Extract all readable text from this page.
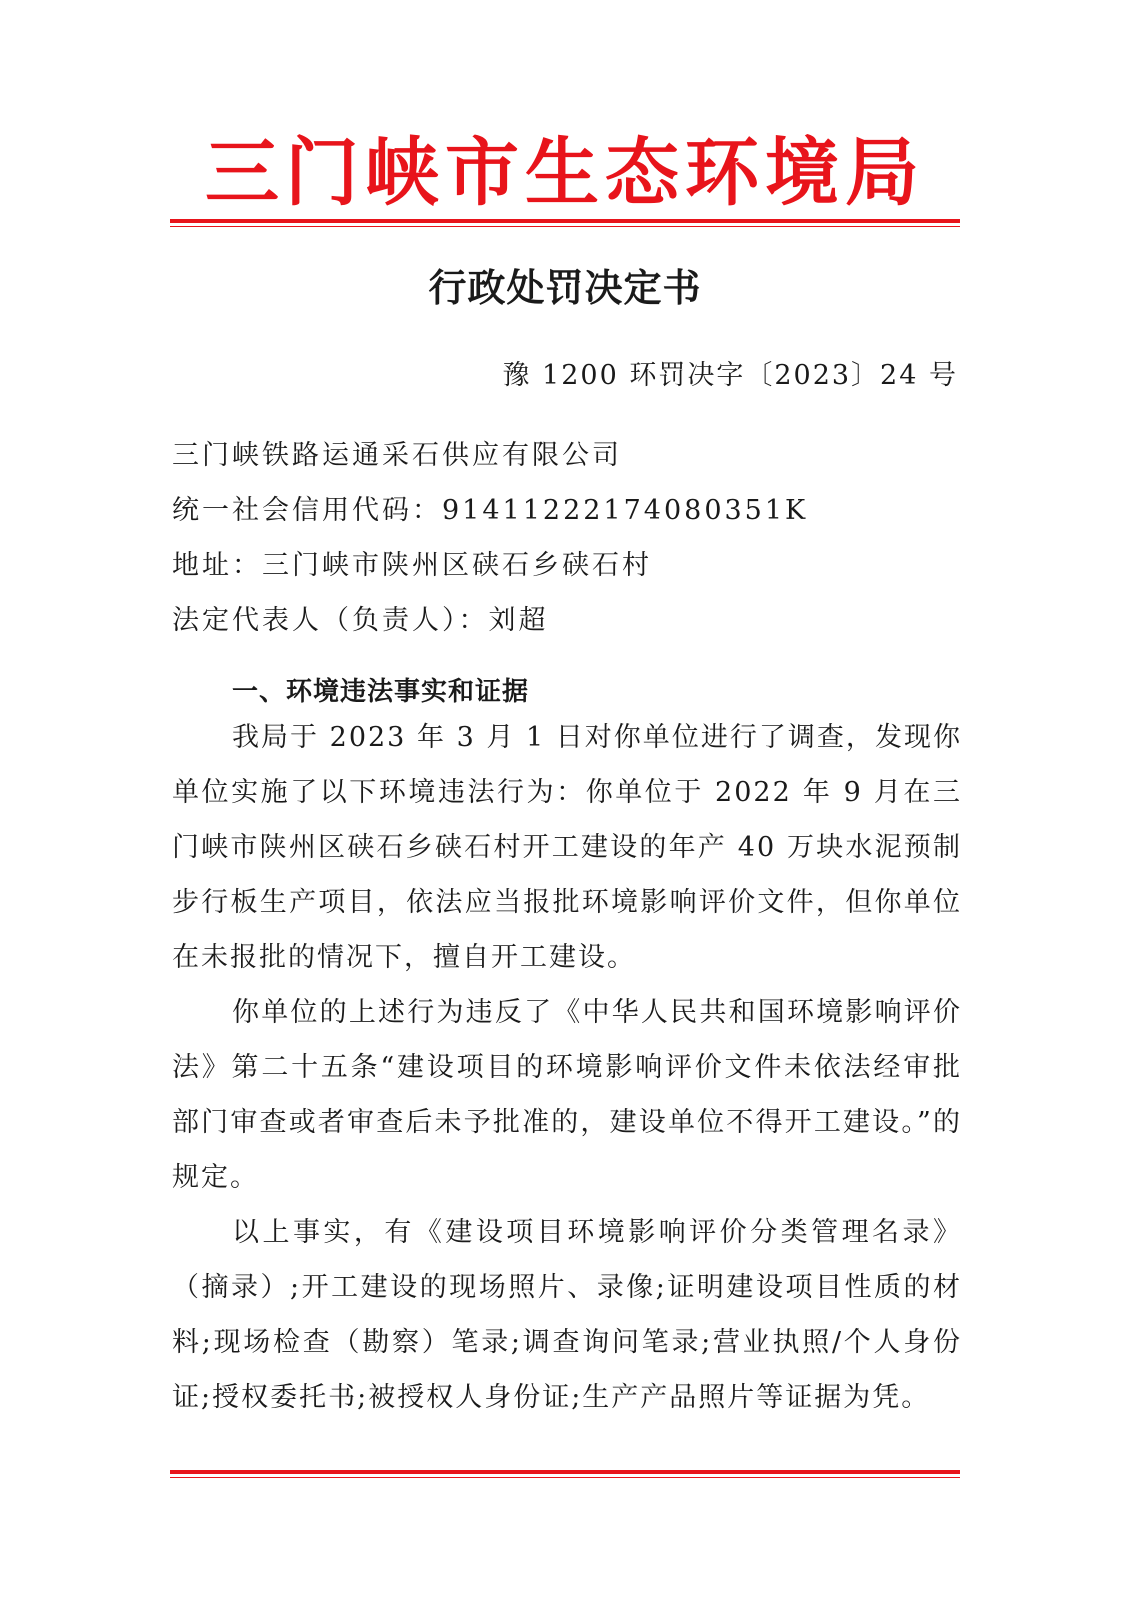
三门峡市生态环境局
行政处罚决定书
豫 1200 环罚决字〔2023〕24 号
三门峡铁路运通采石供应有限公司
统一社会信用代码：91411222174080351K
地址：三门峡市陕州区硖石乡硖石村
法定代表人（负责人）：刘超
一、环境违法事实和证据

我局于 2023 年 3 月 1 日对你单位进行了调查，发现你单位实施了以下环境违法行为：你单位于 2022 年 9 月在三门峡市陕州区硖石乡硖石村开工建设的年产 40 万块水泥预制步行板生产项目，依法应当报批环境影响评价文件，但你单位在未报批的情况下，擅自开工建设。

你单位的上述行为违反了《中华人民共和国环境影响评价法》第二十五条“建设项目的环境影响评价文件未依法经审批部门审查或者审查后未予批准的，建设单位不得开工建设。”的规定。

以上事实，有《建设项目环境影响评价分类管理名录》（摘录）;开工建设的现场照片、录像;证明建设项目性质的材料;现场检查（勘察）笔录;调查询问笔录;营业执照/个人身份证;授权委托书;被授权人身份证;生产产品照片等证据为凭。
